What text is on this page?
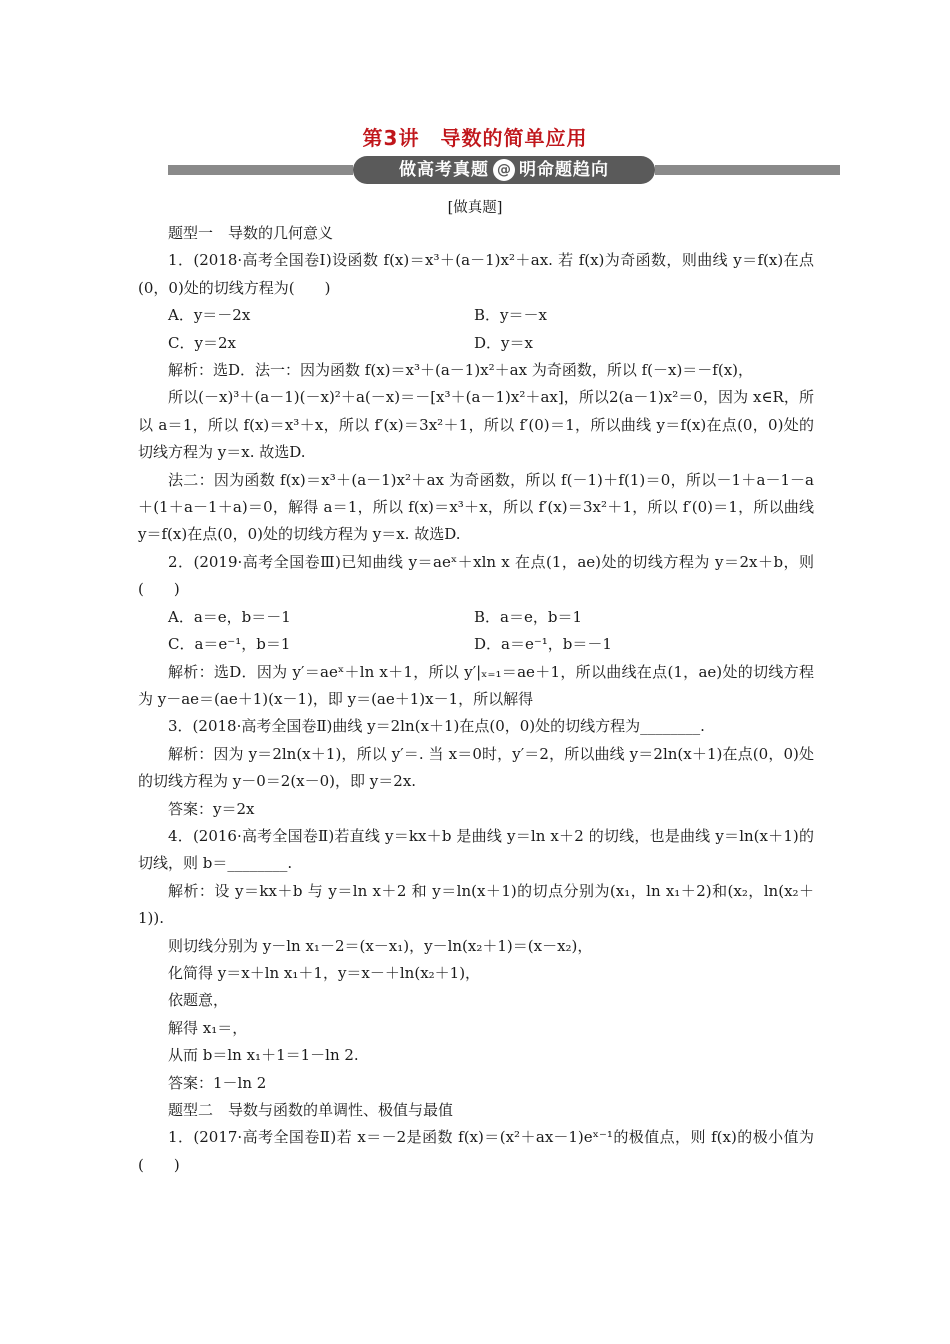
第3讲　导数的简单应用
做高考真题 @ 明命题趋向
[做真题]

题型一　导数的几何意义

1．(2018·高考全国卷Ⅰ)设函数 f(x)＝x³＋(a－1)x²＋ax. 若 f(x)为奇函数，则曲线 y＝f(x)在点(0，0)处的切线方程为(　　)

A．y＝－2x	B．y＝－x
C．y＝2x	D．y＝x

解析：选D．法一：因为函数 f(x)＝x³＋(a－1)x²＋ax 为奇函数，所以 f(－x)＝－f(x)，

所以(－x)³＋(a－1)(－x)²＋a(－x)＝－[x³＋(a－1)x²＋ax]，所以2(a－1)x²＝0，因为 x∈R，所以 a＝1，所以 f(x)＝x³＋x，所以 f′(x)＝3x²＋1，所以 f′(0)＝1，所以曲线 y＝f(x)在点(0，0)处的切线方程为 y＝x. 故选D.

法二：因为函数 f(x)＝x³＋(a－1)x²＋ax 为奇函数，所以 f(－1)＋f(1)＝0，所以－1＋a－1－a＋(1＋a－1＋a)＝0，解得 a＝1，所以 f(x)＝x³＋x，所以 f′(x)＝3x²＋1，所以 f′(0)＝1，所以曲线 y＝f(x)在点(0，0)处的切线方程为 y＝x. 故选D.

2．(2019·高考全国卷Ⅲ)已知曲线 y＝aeˣ＋xln x 在点(1，ae)处的切线方程为 y＝2x＋b，则(　　)

A．a＝e，b＝－1	B．a＝e，b＝1
C．a＝e⁻¹，b＝1	D．a＝e⁻¹，b＝－1

解析：选D．因为 y′＝aeˣ＋ln x＋1，所以 y′|ₓ₌₁＝ae＋1，所以曲线在点(1，ae)处的切线方程为 y－ae＝(ae＋1)(x－1)，即 y＝(ae＋1)x－1，所以解得

3．(2018·高考全国卷Ⅱ)曲线 y＝2ln(x＋1)在点(0，0)处的切线方程为________.

解析：因为 y＝2ln(x＋1)，所以 y′＝. 当 x＝0时，y′＝2，所以曲线 y＝2ln(x＋1)在点(0，0)处的切线方程为 y－0＝2(x－0)，即 y＝2x.

答案：y＝2x

4．(2016·高考全国卷Ⅱ)若直线 y＝kx＋b 是曲线 y＝ln x＋2 的切线，也是曲线 y＝ln(x＋1)的切线，则 b＝________.

解析：设 y＝kx＋b 与 y＝ln x＋2 和 y＝ln(x＋1)的切点分别为(x₁，ln x₁＋2)和(x₂，ln(x₂＋1)).

则切线分别为 y－ln x₁－2＝(x－x₁)，y－ln(x₂＋1)＝(x－x₂)，

化简得 y＝x＋ln x₁＋1，y＝x－＋ln(x₂＋1)，

依题意，

解得 x₁＝，

从而 b＝ln x₁＋1＝1－ln 2.

答案：1－ln 2

题型二　导数与函数的单调性、极值与最值

1．(2017·高考全国卷Ⅱ)若 x＝－2是函数 f(x)＝(x²＋ax－1)eˣ⁻¹的极值点，则 f(x)的极小值为(　　)
